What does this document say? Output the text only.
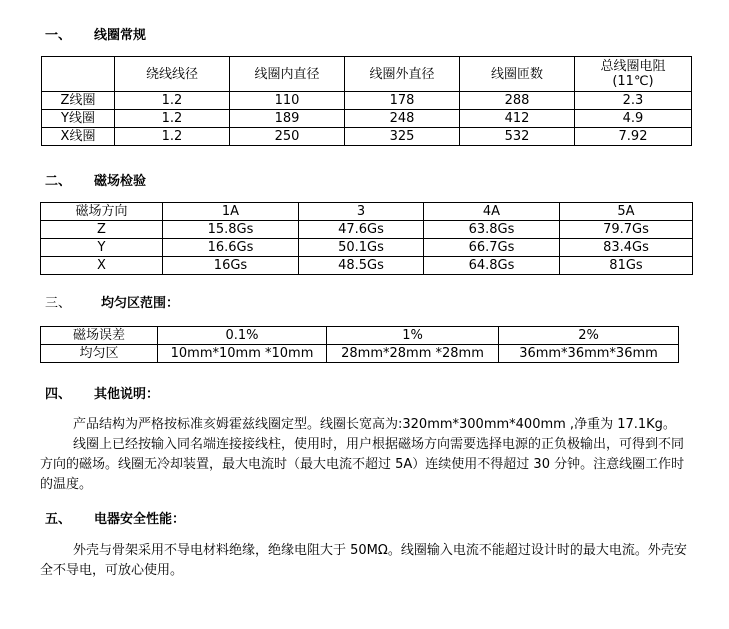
一、 线圈常规
	绕线线径	线圈内直径	线圈外直径	线圈匝数	总线圈电阻
(11℃)

Z线圈	1.2	110	178	288	2.3
Y线圈	1.2	189	248	412	4.9
X线圈	1.2	250	325	532	7.92
二、 磁场检验
磁场方向	1A	3	4A	5A
Z	15.8Gs	47.6Gs	63.8Gs	79.7Gs
Y	16.6Gs	50.1Gs	66.7Gs	83.4Gs
X	16Gs	48.5Gs	64.8Gs	81Gs
三、 均匀区范围：
磁场误差	0.1%	1%	2%
均匀区	10mm*10mm *10mm	28mm*28mm *28mm	36mm*36mm*36mm
四、 其他说明：

产品结构为严格按标准亥姆霍兹线圈定型。线圈长宽高为:320mm*300mm*400mm ,净重为 17.1Kg。

线圈上已经按输入同名端连接接线柱，使用时，用户根据磁场方向需要选择电源的正负极输出，可得到不同方向的磁场。线圈无冷却装置，最大电流时（最大电流不超过 5A）连续使用不得超过 30 分钟。注意线圈工作时的温度。

五、 电器安全性能：

外壳与骨架采用不导电材料绝缘，绝缘电阻大于 50MΩ。线圈输入电流不能超过设计时的最大电流。外壳安全不导电，可放心使用。
